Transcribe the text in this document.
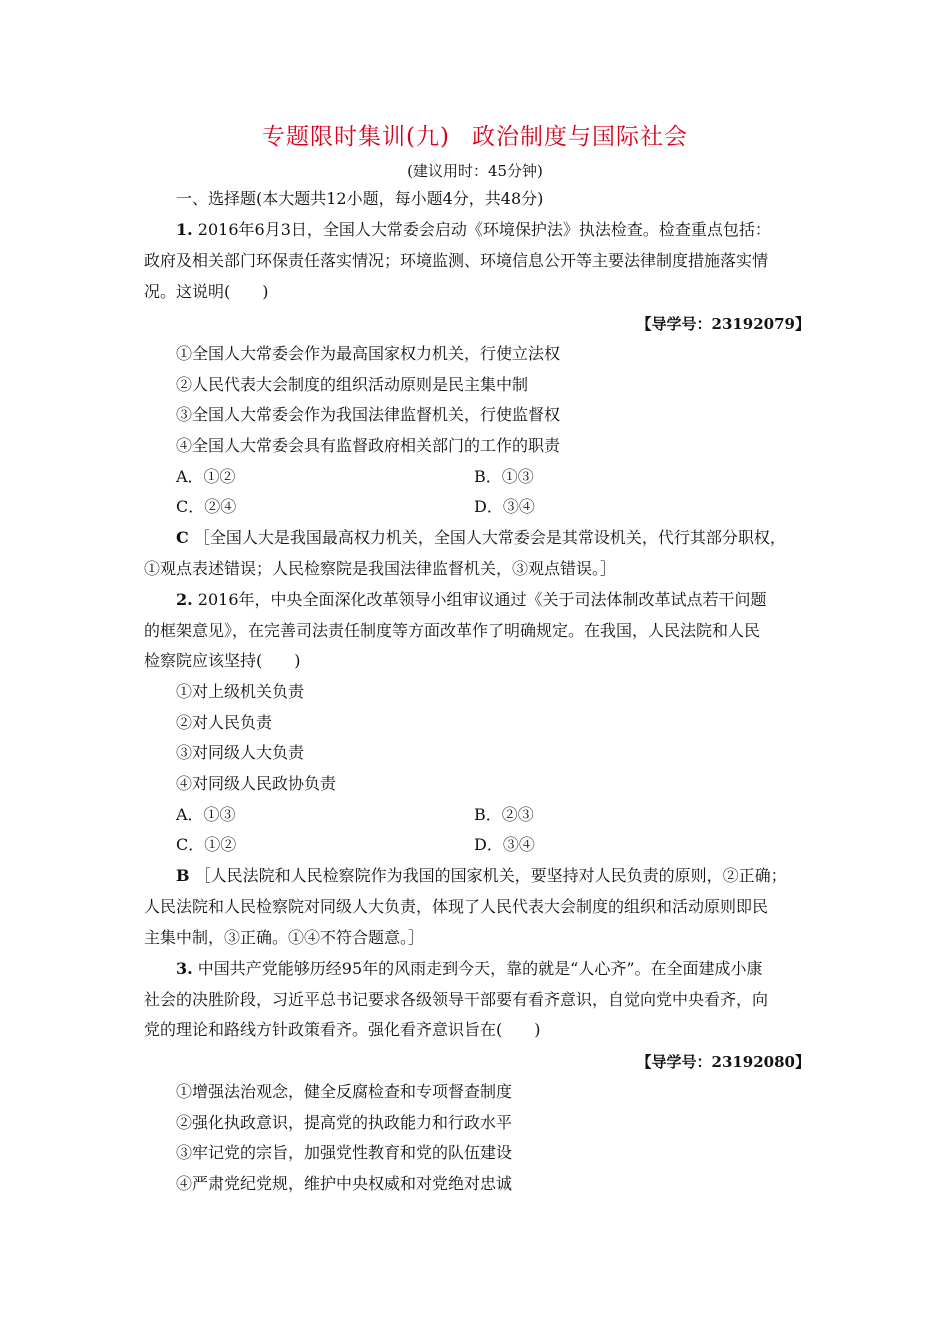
专题限时集训(九) 政治制度与国际社会
(建议用时：45分钟)
一、选择题(本大题共12小题，每小题4分，共48分)
1. 2016年6月3日，全国人大常委会启动《环境保护法》执法检查。检查重点包括：
政府及相关部门环保责任落实情况；环境监测、环境信息公开等主要法律制度措施落实情
况。这说明(　　)
【导学号：23192079】
①全国人大常委会作为最高国家权力机关，行使立法权
②人民代表大会制度的组织活动原则是民主集中制
③全国人大常委会作为我国法律监督机关，行使监督权
④全国人大常委会具有监督政府相关部门的工作的职责
A．①②	B．①③
C．②④	D．③④
C ［全国人大是我国最高权力机关，全国人大常委会是其常设机关，代行其部分职权，
①观点表述错误；人民检察院是我国法律监督机关，③观点错误。］
2. 2016年，中央全面深化改革领导小组审议通过《关于司法体制改革试点若干问题
的框架意见》，在完善司法责任制度等方面改革作了明确规定。在我国，人民法院和人民
检察院应该坚持(　　)
①对上级机关负责
②对人民负责
③对同级人大负责
④对同级人民政协负责
A．①③	B．②③
C．①②	D．③④
B ［人民法院和人民检察院作为我国的国家机关，要坚持对人民负责的原则，②正确；
人民法院和人民检察院对同级人大负责，体现了人民代表大会制度的组织和活动原则即民
主集中制，③正确。①④不符合题意。］
3. 中国共产党能够历经95年的风雨走到今天，靠的就是“人心齐”。在全面建成小康
社会的决胜阶段，习近平总书记要求各级领导干部要有看齐意识，自觉向党中央看齐，向
党的理论和路线方针政策看齐。强化看齐意识旨在(　　)
【导学号：23192080】
①增强法治观念，健全反腐检查和专项督查制度
②强化执政意识，提高党的执政能力和行政水平
③牢记党的宗旨，加强党性教育和党的队伍建设
④严肃党纪党规，维护中央权威和对党绝对忠诚
